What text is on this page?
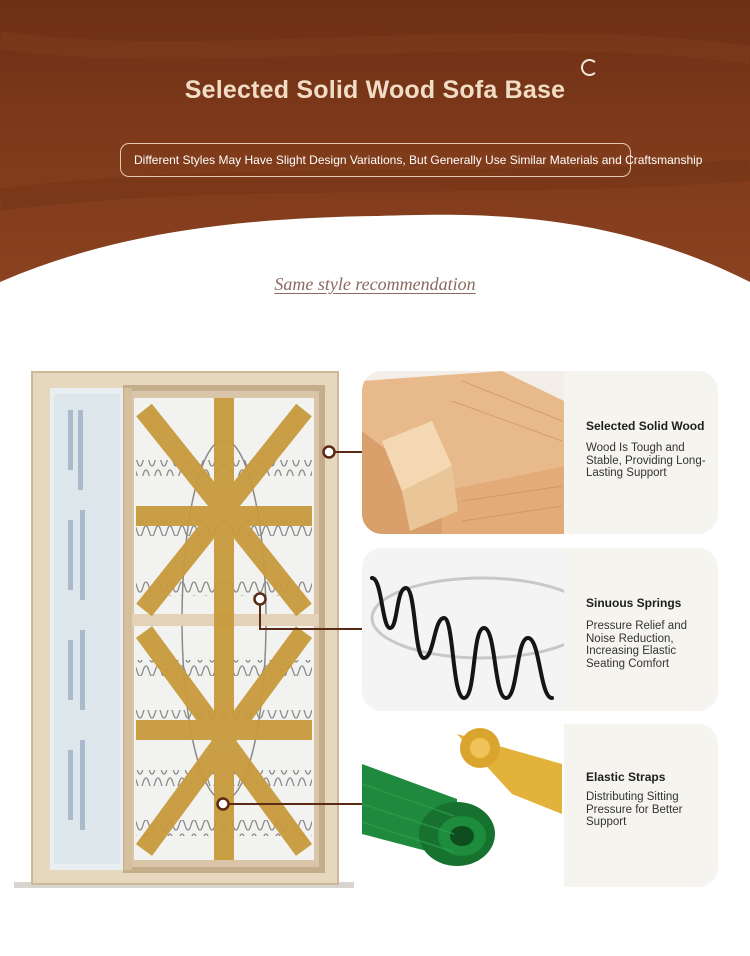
Selected Solid Wood Sofa Base
Different Styles May Have Slight Design Variations, But Generally Use Similar Materials and Craftsmanship
Same style recommendation
Selected Solid Wood
Wood Is Tough and Stable, Providing Long-Lasting Support
Sinuous Springs
Pressure Relief and Noise Reduction, Increasing Elastic Seating Comfort
Elastic Straps
Distributing Sitting Pressure for Better Support
